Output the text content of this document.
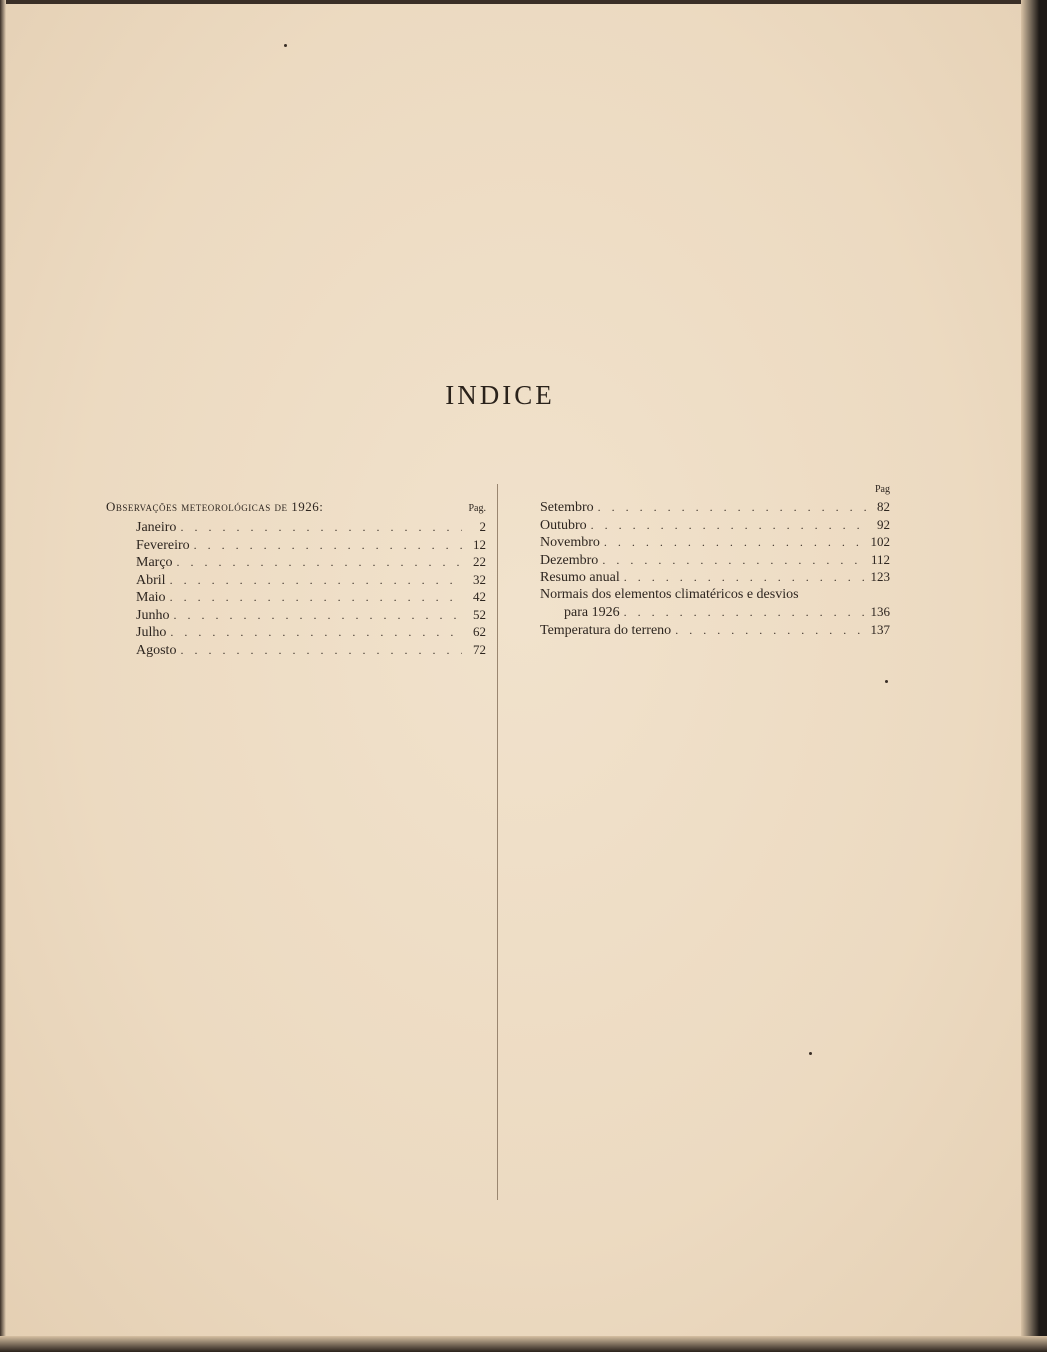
INDICE
Observações meteorológicas de 1926:	Pag.
Janeiro . . .	2
Fevereiro . . .	12
Março . . .	22
Abril . . .	32
Maio . . .	42
Junho . . .	52
Julho . . .	62
Agosto . . .	72
Pag
Setembro . . .	82
Outubro . . .	92
Novembro . . .	102
Dezembro . . .	112
Resumo anual . . .	123
Normais dos elementos climatéricos e desvios
para 1926 . . .	136
Temperatura do terreno . . .	137
